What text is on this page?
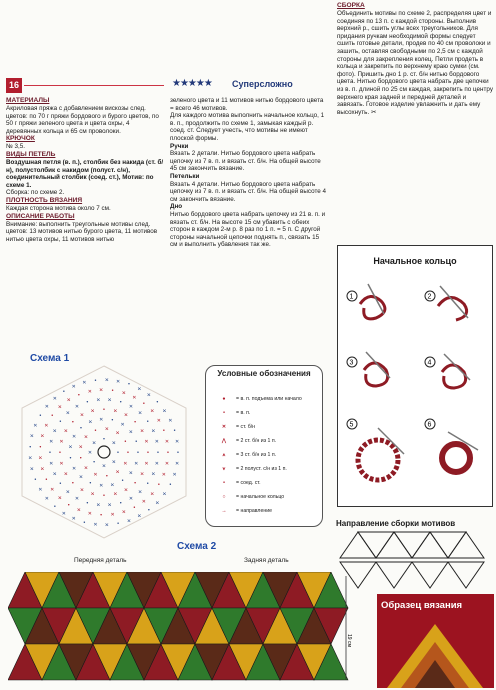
16	★★★★★ Суперсложно

МАТЕРИАЛЫ

Акриловая пряжа с добавлением вискозы след. цветов: по 70 г пряжи бордового и бурого цветов, по 50 г пряжи зеленого цвета и цвета охры, 4 деревянных кольца и 65 см проволоки.

КРЮЧОК

№ 3,5.

ВИДЫ ПЕТЕЛЬ

Воздушная петля (в. п.), столбик без накида (ст. б/н), полустолбик с накидом (полуст. с/н), соединительный столбик (соед. ст.), Мотив: по схеме 1.

Сборка: по схеме 2.

ПЛОТНОСТЬ ВЯЗАНИЯ

Каждая сторона мотива около 7 см.

ОПИСАНИЕ РАБОТЫ

Внимание: выполнить треугольные мотивы след. цветов: 13 мотивов нитью бурого цвета, 11 мотивов нитью цвета охры, 11 мотивов нитью

зеленого цвета и 11 мотивов нитью бордового цвета = всего 46 мотивов.

Для каждого мотива выполнить начальное кольцо, 1 в. п., продолжить по схеме 1, замыкая каждый р. соед. ст. Следует учесть, что мотивы не имеют плоской формы.

Ручки

Вязать 2 детали. Нитью бордового цвета набрать цепочку из 7 в. п. и вязать ст. б/н. На общей высоте 45 см закончить вязание.

Петельки

Вязать 4 детали. Нитью бордового цвета набрать цепочку из 7 в. п. и вязать ст. б/н. На общей высоте 4 см закончить вязание.

Дно

Нитью бордового цвета набрать цепочку из 21 в. п. и вязать ст. б/н. На высоте 15 см убавить с обеих сторон в каждом 2-м р. 8 раз по 1 п. = 5 п. С другой стороны начальной цепочки поднять п., связать 15 см и выполнить убавления так же.

СБОРКА

Объединить мотивы по схеме 2, распределяя цвет и соединяя по 13 п. с каждой стороны. Выполнив верхний р., сшить углы всех треугольников. Для придания ручкам необходимой формы следует сшить готовые детали, продев по 40 см проволоки и зашить, оставляя свободными по 2,5 см с каждой стороны для закрепления колец. Петли продеть в кольца и закрепить по верхнему краю сумки (см. фото). Пришить дно 1 р. ст. б/н нитью бордового цвета. Нитью бордового цвета набрать две цепочки из в. п. длиной по 25 см каждая, закрепить по центру верхнего края задней и передней деталей и завязать. Готовое изделие увлажнить и дать ему высохнуть. ✂

Схема 1
•
✕
✕
•
✕
✕
•
✕
•
✕
✕
•
✕
✕
•
✕
✕
• ✕
✕
•
•
✕
✕
•
✕
✕
•
✕
✕
•
✕
✕
•
✕ ✕ •
✕
✕
•
•
✕
✕
•
✕
✕
•
✕
✕
•
✕
✕
•
✕
✕
•
✕
✕ • ✕
✕
•
✕
✕
•
✕
✕
•
✕
✕
•
✕
✕
•
✕
✕
•
✕
✕
•
✕
✕
•
✕
✕
• ✕ ✕ •
✕
✕
•
✕
✕
•
✕
✕
•
✕
✕
•
✕
✕
•
✕
✕
•
✕
✕
•
✕
✕
•
✕
✕
•
✕
✕
•
✕ ✕ • ✕
✕
•
✕
✕
•
✕
•
✕
✕
•
✕
✕
•
✕
✕
•
✕
✕
•
✕
✕
•
✕
✕
•
✕
✕
•
✕
✕
•
✕
✕
•
✕
✕ • ✕ ✕ •
✕
✕
•
✕
✕
•
✕
Условные обозначения
● = в. п. подъема или начало
• = в. п.
✕ = ст. б/н
⋀ = 2 ст. б/н из 1 п.
⩚ = 3 ст. б/н из 1 п.
⩛ = 2 полуст. с/н из 1 п.
• = соед. ст.
○ = начальное кольцо
→ = направление
Начальное кольцо
1	2
3	4
5	6
Направление сборки мотивов
Схема 2
Передняя деталь	Задняя деталь
19 см
Образец вязания
